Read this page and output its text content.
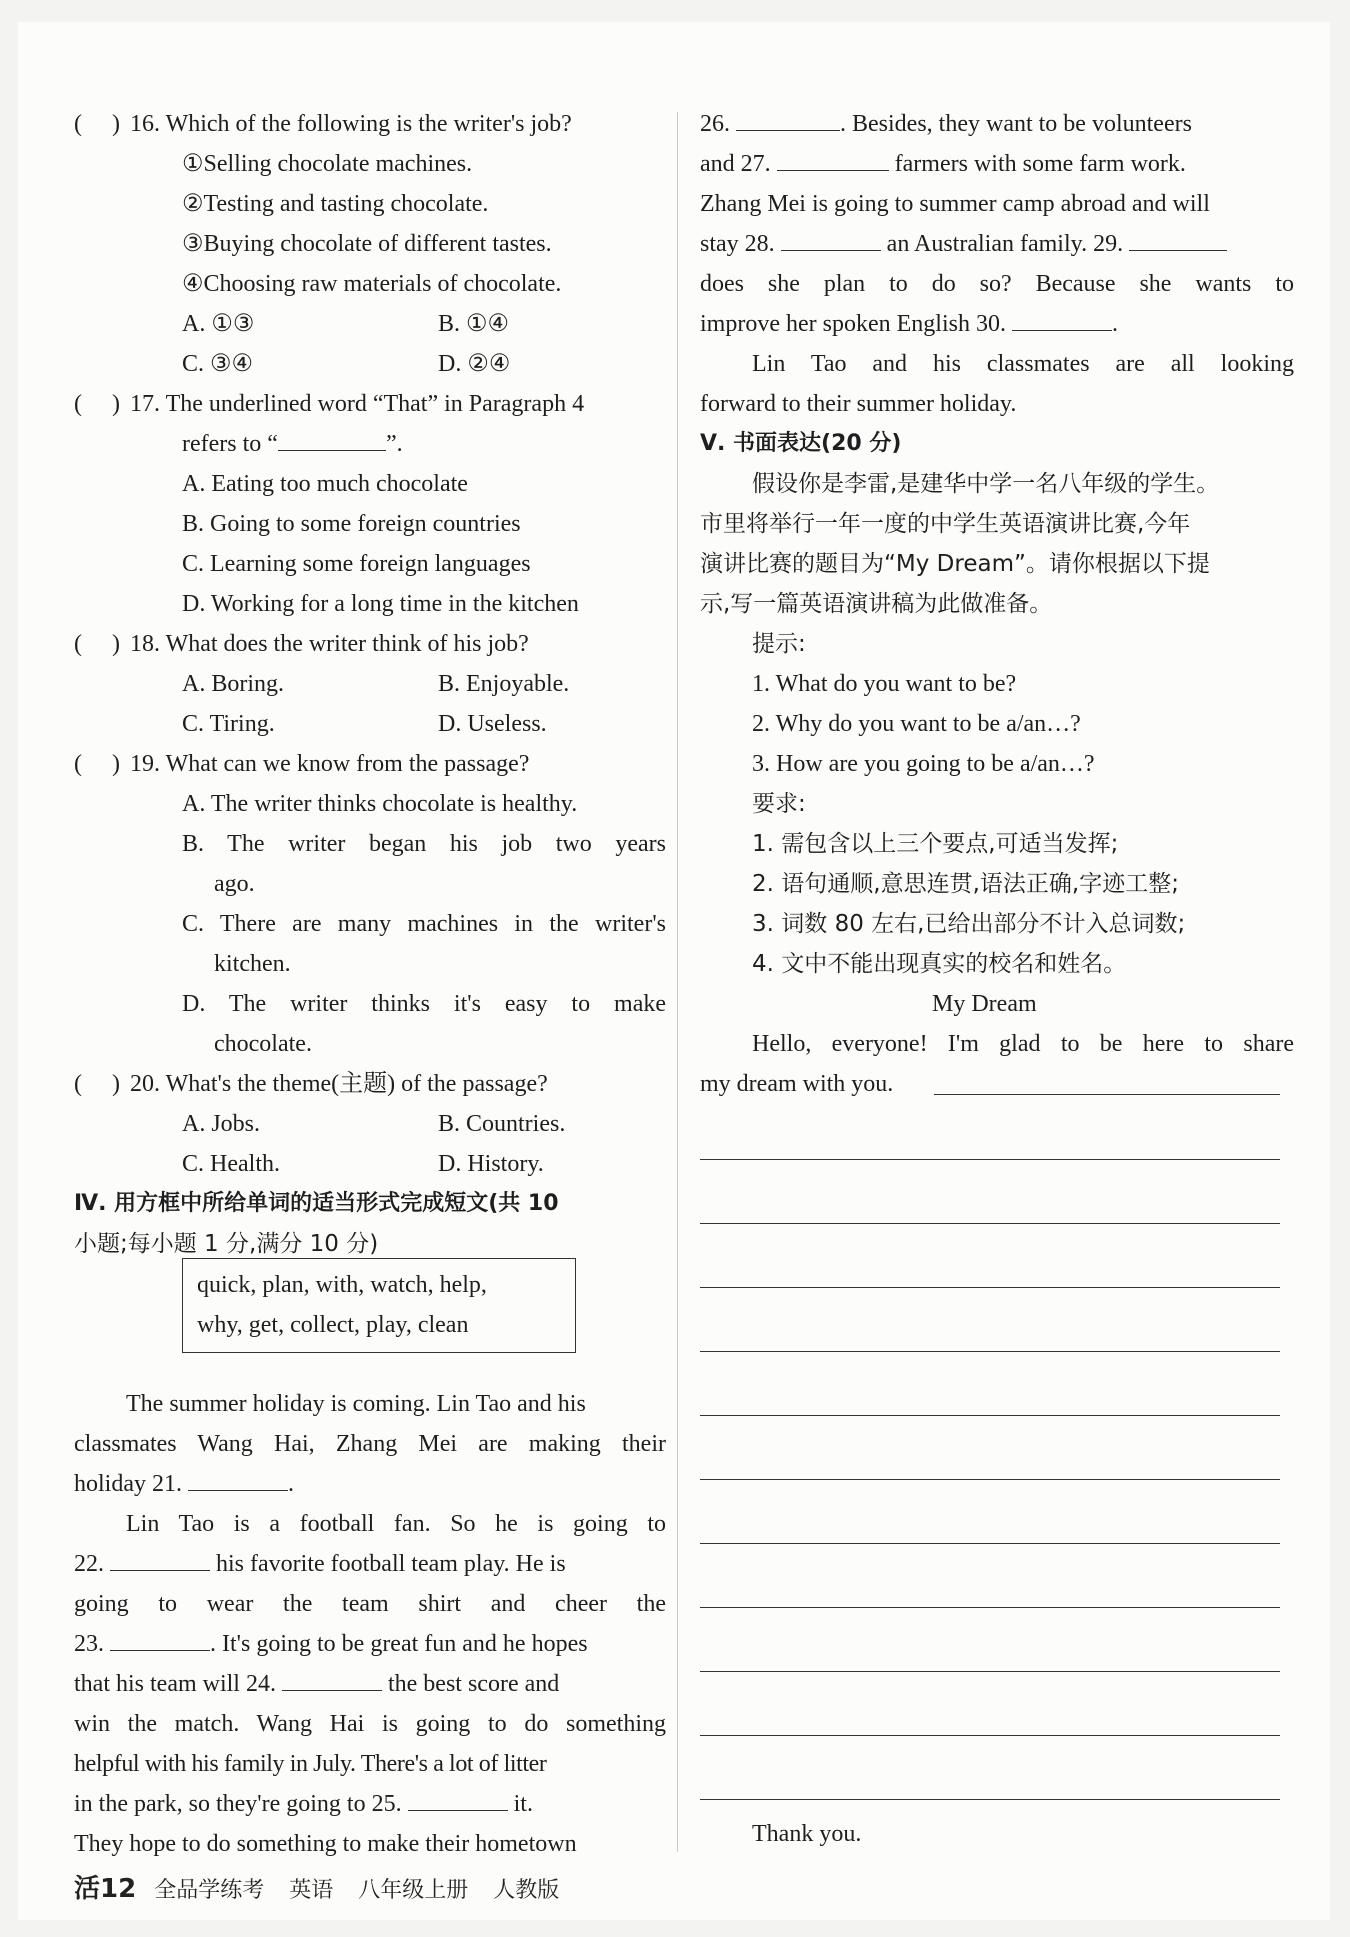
( ) 16. Which of the following is the writer's job?
①Selling chocolate machines.
②Testing and tasting chocolate.
③Buying chocolate of different tastes.
④Choosing raw materials of chocolate.
A. ①③	B. ①④
C. ③④	D. ②④
( ) 17. The underlined word “That” in Paragraph 4
refers to “	”.
A. Eating too much chocolate
B. Going to some foreign countries
C. Learning some foreign languages
D. Working for a long time in the kitchen
( ) 18. What does the writer think of his job?
A. Boring.	B. Enjoyable.
C. Tiring.	D. Useless.
( ) 19. What can we know from the passage?
A. The writer thinks chocolate is healthy.
B. The writer began his job two years
ago.
C. There are many machines in the writer's
kitchen.
D. The writer thinks it's easy to make
chocolate.
( ) 20. What's the theme(主题) of the passage?
A. Jobs.	B. Countries.
C. Health.	D. History.
Ⅳ. 用方框中所给单词的适当形式完成短文(共 10
小题;每小题 1 分,满分 10 分)
quick, plan, with, watch, help,
why, get, collect, play, clean
The summer holiday is coming. Lin Tao and his
classmates Wang Hai, Zhang Mei are making their
holiday 21.	.
Lin Tao is a football fan. So he is going to
22.	his favorite football team play. He is
going to wear the team shirt and cheer the
23.	. It's going to be great fun and he hopes
that his team will 24.	the best score and
win the match. Wang Hai is going to do something
helpful with his family in July. There's a lot of litter
in the park, so they're going to 25.	it.
They hope to do something to make their hometown
26.	. Besides, they want to be volunteers
and 27.	farmers with some farm work.
Zhang Mei is going to summer camp abroad and will
stay 28.	an Australian family. 29.
does she plan to do so? Because she wants to
improve her spoken English 30.	.
Lin Tao and his classmates are all looking
forward to their summer holiday.
Ⅴ. 书面表达(20 分)
假设你是李雷,是建华中学一名八年级的学生。
市里将举行一年一度的中学生英语演讲比赛,今年
演讲比赛的题目为“My Dream”。请你根据以下提
示,写一篇英语演讲稿为此做准备。
提示:
1. What do you want to be?
2. Why do you want to be a/an…?
3. How are you going to be a/an…?
要求:
1. 需包含以上三个要点,可适当发挥;
2. 语句通顺,意思连贯,语法正确,字迹工整;
3. 词数 80 左右,已给出部分不计入总词数;
4. 文中不能出现真实的校名和姓名。
My Dream
Hello, everyone! I'm glad to be here to share
my dream with you.
Thank you.
活12 全品学练考 英语 八年级上册 人教版
